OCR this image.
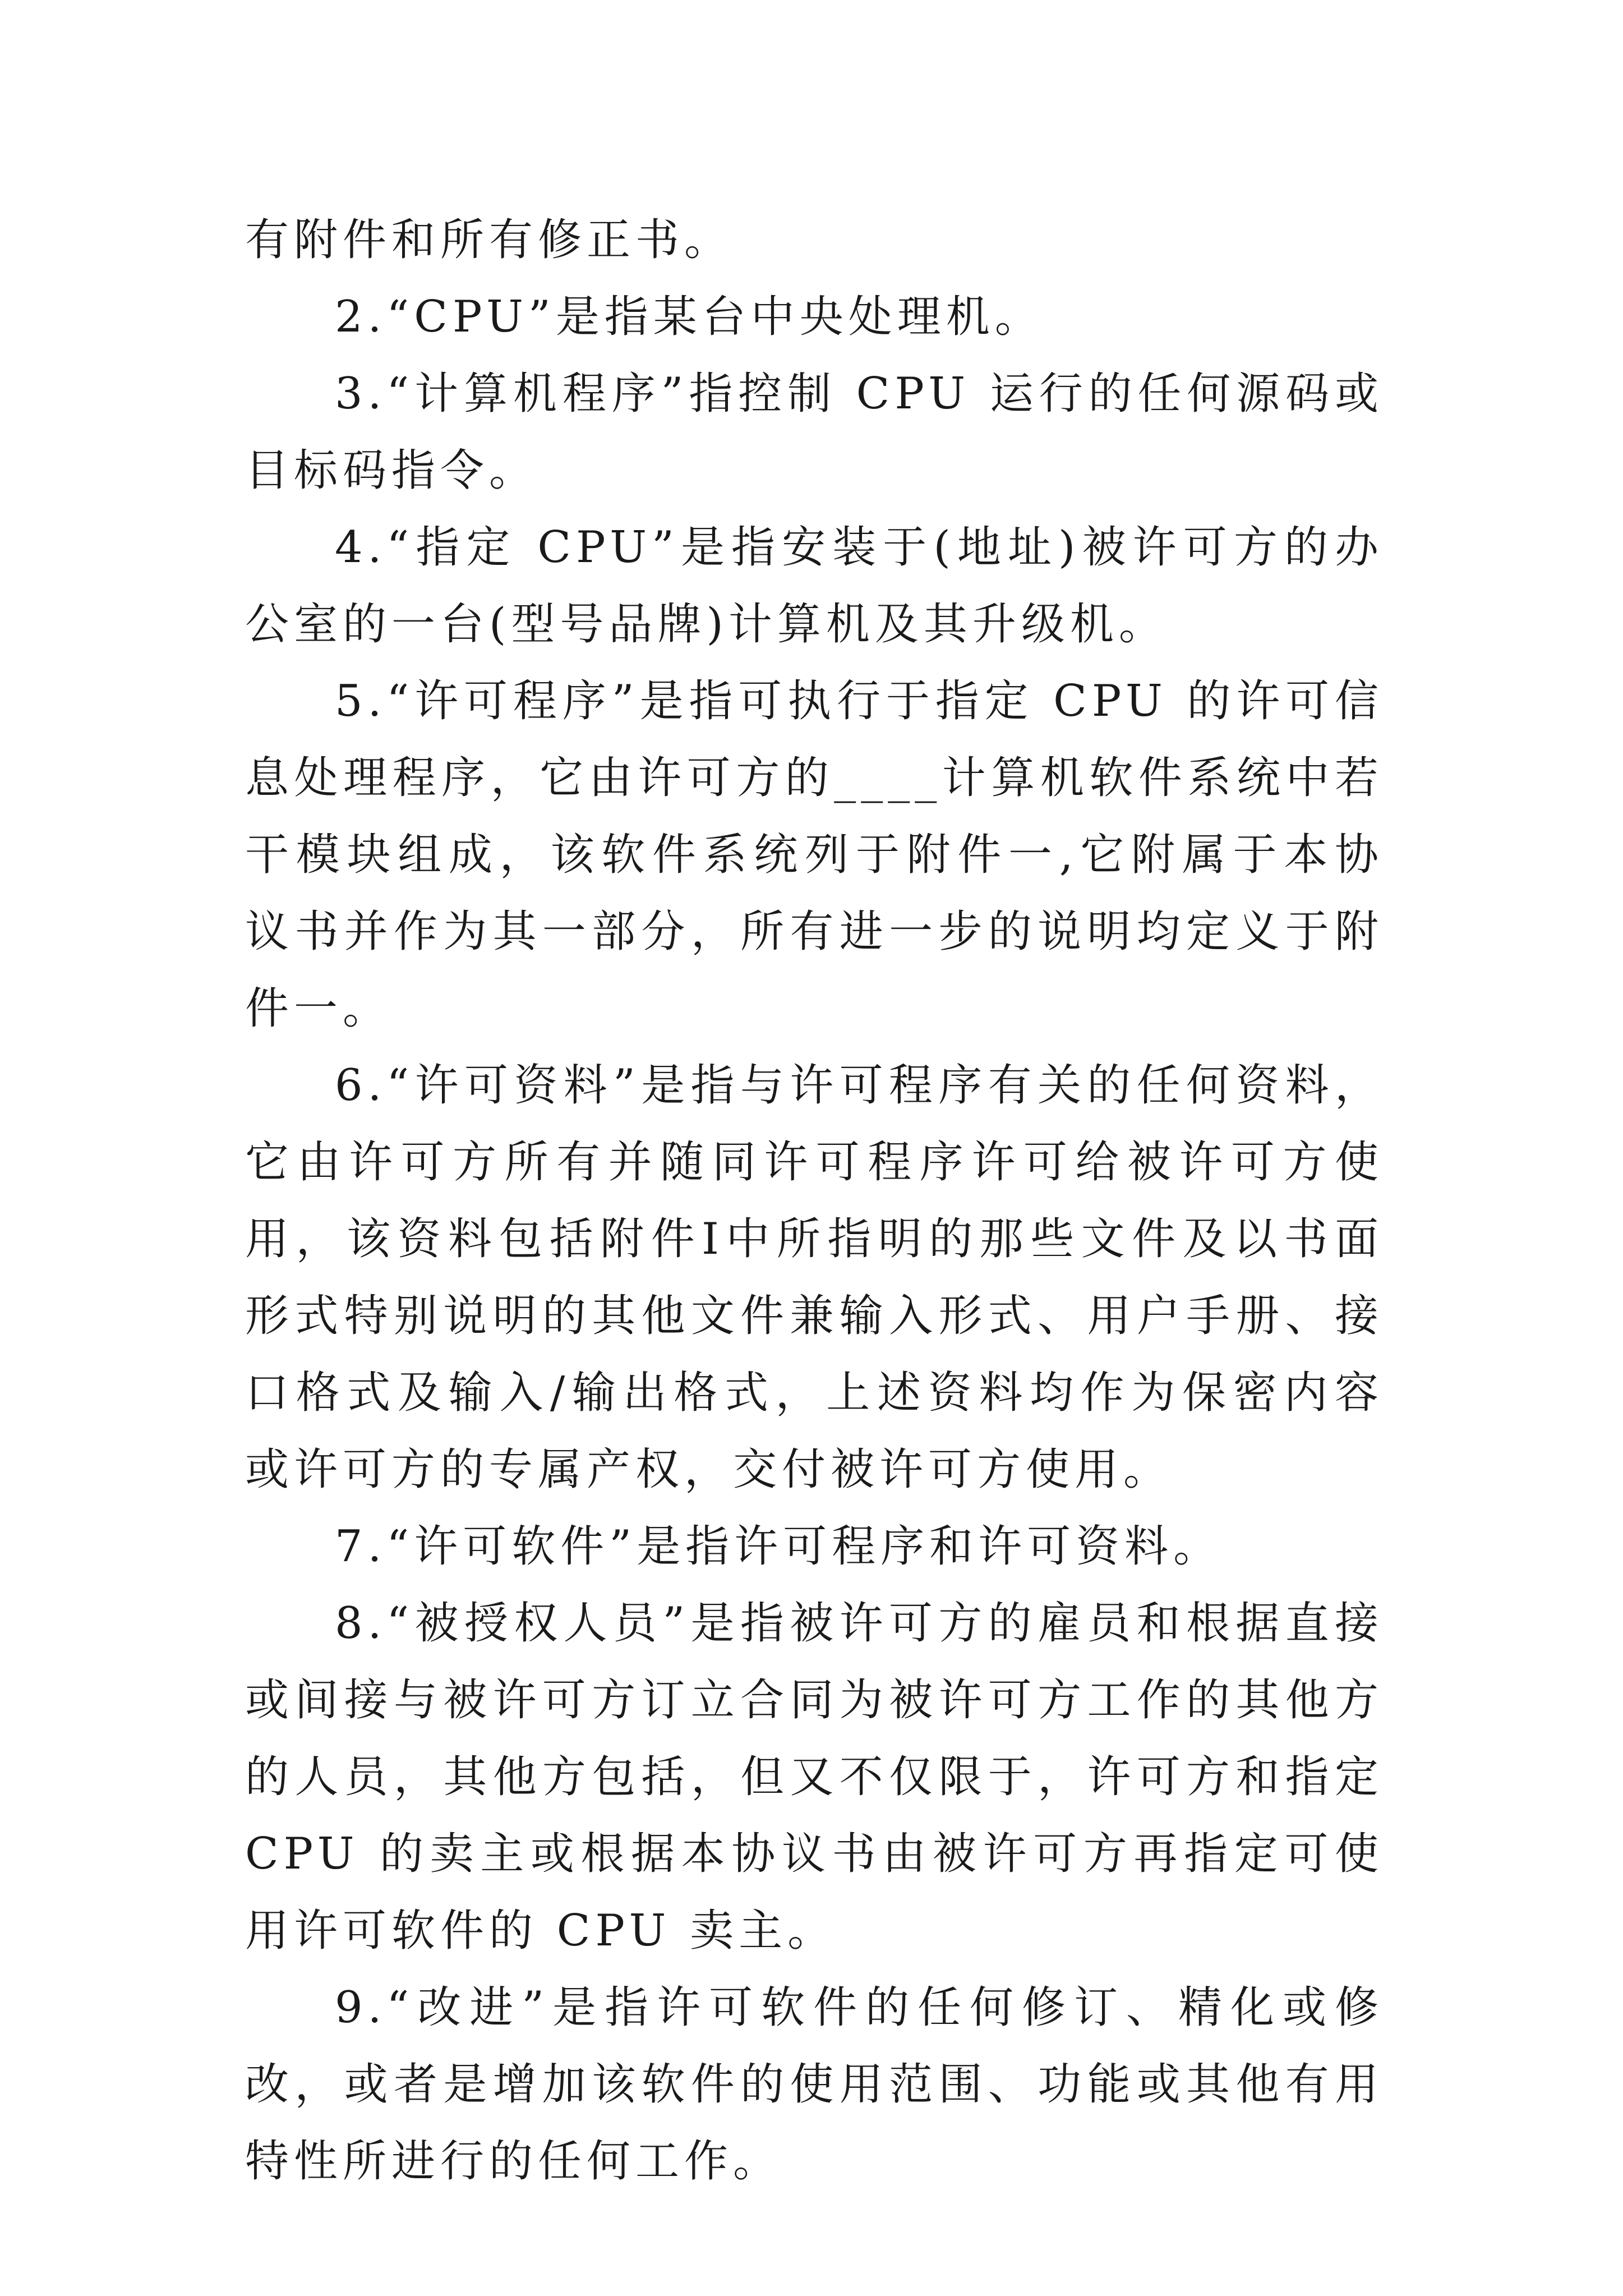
有附件和所有修正书。

2.“CPU”是指某台中央处理机。

3.“计算机程序”指控制 CPU 运行的任何源码或目标码指令。

4.“指定 CPU”是指安装于(地址)被许可方的办公室的一台(型号品牌)计算机及其升级机。

5.“许可程序”是指可执行于指定 CPU 的许可信息处理程序，它由许可方的____计算机软件系统中若干模块组成，该软件系统列于附件一,它附属于本协议书并作为其一部分，所有进一步的说明均定义于附件一。

6.“许可资料”是指与许可程序有关的任何资料，它由许可方所有并随同许可程序许可给被许可方使用，该资料包括附件Ⅰ中所指明的那些文件及以书面形式特别说明的其他文件兼输入形式、用户手册、接口格式及输入/输出格式，上述资料均作为保密内容或许可方的专属产权，交付被许可方使用。

7.“许可软件”是指许可程序和许可资料。

8.“被授权人员”是指被许可方的雇员和根据直接或间接与被许可方订立合同为被许可方工作的其他方的人员，其他方包括，但又不仅限于，许可方和指定 CPU 的卖主或根据本协议书由被许可方再指定可使用许可软件的 CPU 卖主。

9.“改进”是指许可软件的任何修订、精化或修改，或者是增加该软件的使用范围、功能或其他有用特性所进行的任何工作。
